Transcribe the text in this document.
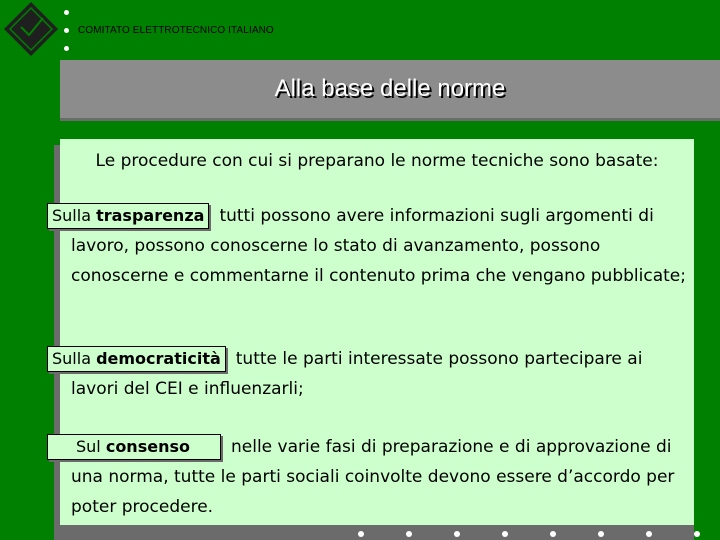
COMITATO ELETTROTECNICO ITALIANO
Alla base delle norme
Le procedure con cui si preparano le norme tecniche sono basate:
Sulla trasparenza tutti possono avere informazioni sugli argomenti di lavoro, possono conoscerne lo stato di avanzamento, possono conoscerne e commentarne il contenuto prima che vengano pubblicate;
Sulla democraticità tutte le parti interessate possono partecipare ai lavori del CEI e influenzarli;
Sul consenso nelle varie fasi di preparazione e di approvazione di una norma, tutte le parti sociali coinvolte devono essere d’accordo per poter procedere.
